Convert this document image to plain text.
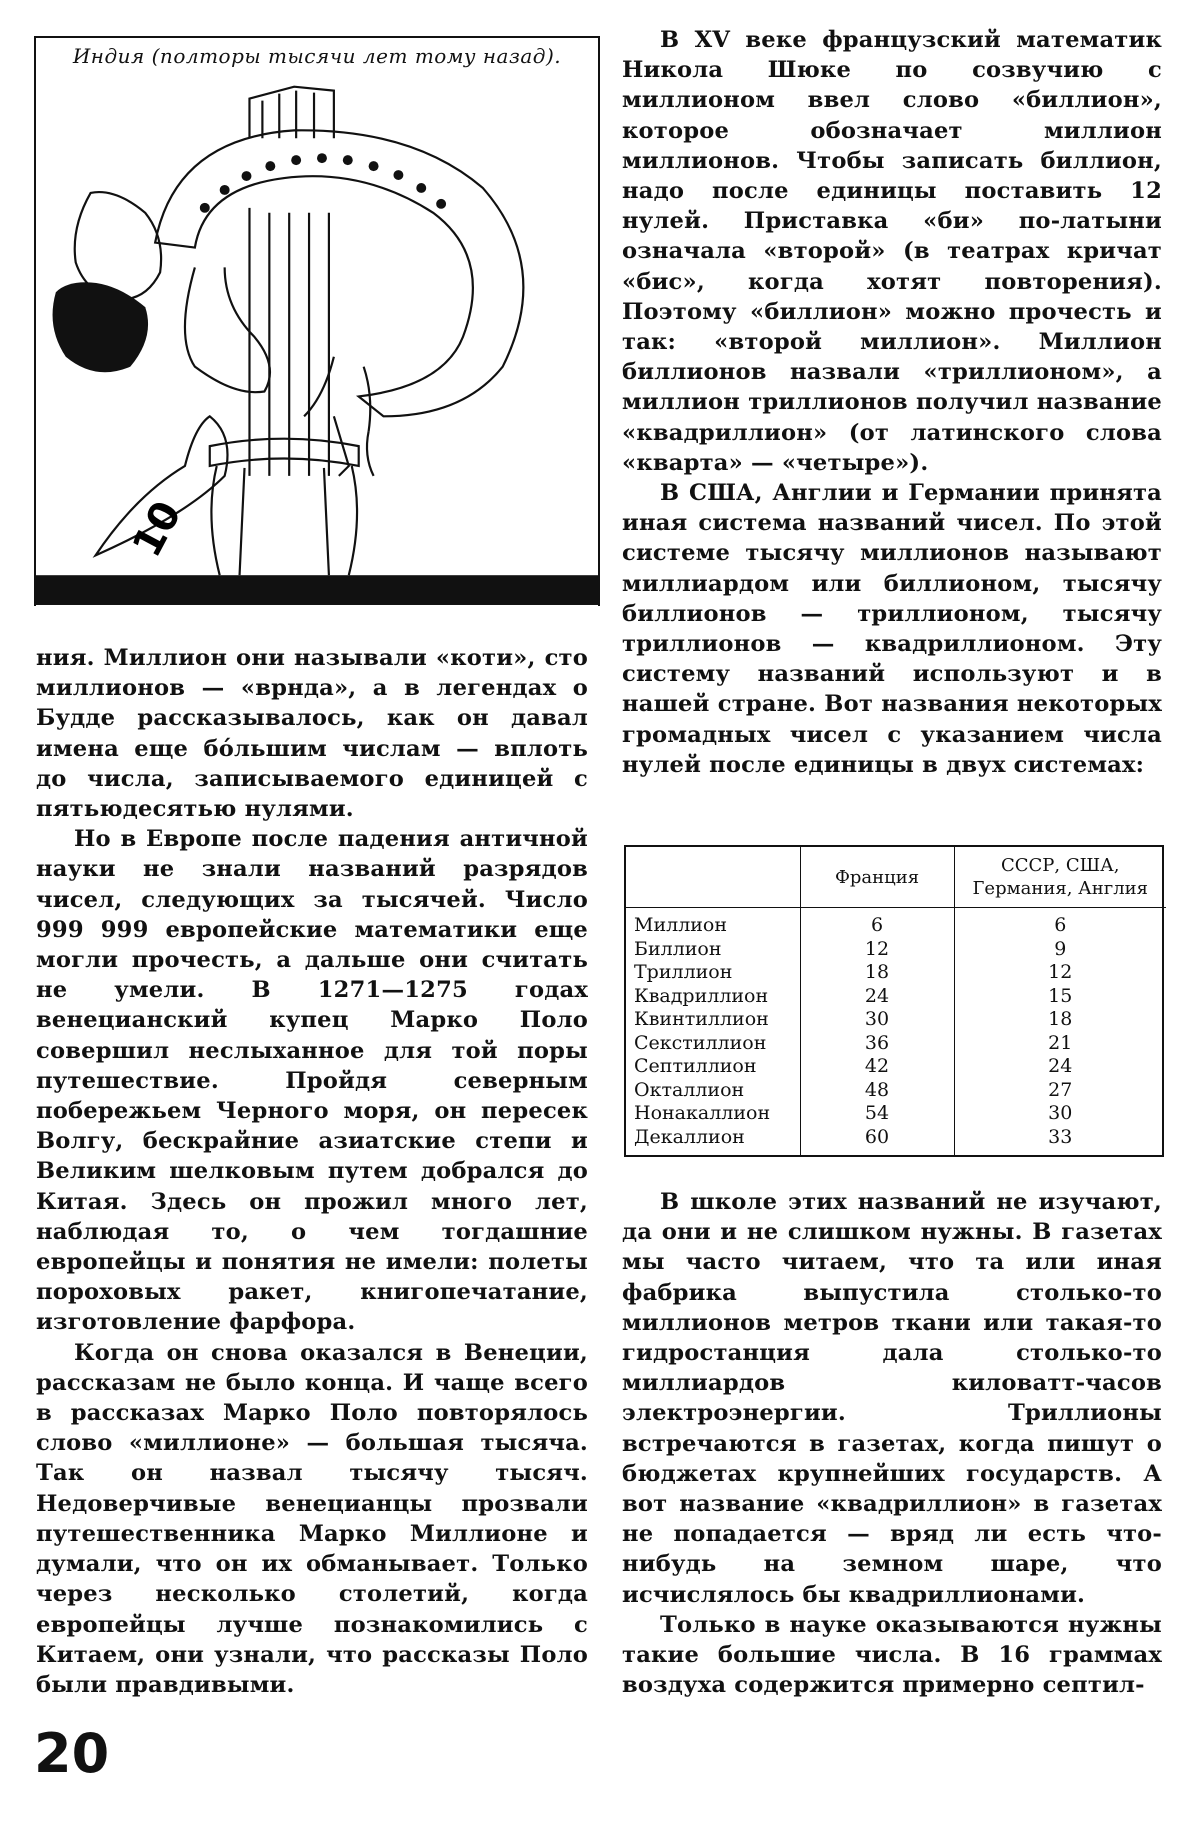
Индия (полторы тысячи лет тому назад).
10

ния. Миллион они называли «коти», сто миллионов — «врнда», а в легендах о Будде рассказывалось, как он давал имена еще бо́льшим числам — вплоть до числа, записываемого единицей с пятьюдесятью нулями.

Но в Европе после падения античной науки не знали названий разрядов чисел, следующих за тысячей. Число 999 999 европейские математики еще могли прочесть, а дальше они считать не умели. В 1271—1275 годах венецианский купец Марко Поло совершил неслыханное для той поры путешествие. Пройдя северным побережьем Черного моря, он пересек Волгу, бескрайние азиатские степи и Великим шелковым путем добрался до Китая. Здесь он прожил много лет, наблюдая то, о чем тогдашние европейцы и понятия не имели: полеты пороховых ракет, книгопечатание, изготовление фарфора.

Когда он снова оказался в Венеции, рассказам не было конца. И чаще всего в рассказах Марко Поло повторялось слово «миллионе» — большая тысяча. Так он назвал тысячу тысяч. Недоверчивые венецианцы прозвали путешественника Марко Миллионе и думали, что он их обманывает. Только через несколько столетий, когда европейцы лучше познакомились с Китаем, они узнали, что рассказы Поло были правдивыми.

В XV веке французский математик Никола Шюке по созвучию с миллионом ввел слово «биллион», которое обозначает миллион миллионов. Чтобы записать биллион, надо после единицы поставить 12 нулей. Приставка «би» по-латыни означала «второй» (в театрах кричат «бис», когда хотят повторения). Поэтому «биллион» можно прочесть и так: «второй миллион». Миллион биллионов назвали «триллионом», а миллион триллионов получил название «квадриллион» (от латинского слова «кварта» — «четыре»).

В США, Англии и Германии принята иная система названий чисел. По этой системе тысячу миллионов называют миллиардом или биллионом, тысячу биллионов — триллионом, тысячу триллионов — квадриллионом. Эту систему названий используют и в нашей стране. Вот названия некоторых громадных чисел с указанием числа нулей после единицы в двух системах:

	Франция	СССР, США, Германия, Англия
Миллион	6	6
Биллион	12	9
Триллион	18	12
Квадриллион	24	15
Квинтиллион	30	18
Секстиллион	36	21
Септиллион	42	24
Окталлион	48	27
Нонакаллион	54	30
Декаллион	60	33

В школе этих названий не изучают, да они и не слишком нужны. В газетах мы часто читаем, что та или иная фабрика выпустила столько-то миллионов метров ткани или такая-то гидростанция дала столько-то миллиардов киловатт-часов электроэнергии. Триллионы встречаются в газетах, когда пишут о бюджетах крупнейших государств. А вот название «квадриллион» в газетах не попадается — вряд ли есть что-нибудь на земном шаре, что исчислялось бы квадриллионами.

Только в науке оказываются нужны такие большие числа. В 16 граммах воздуха содержится примерно септил-

20
